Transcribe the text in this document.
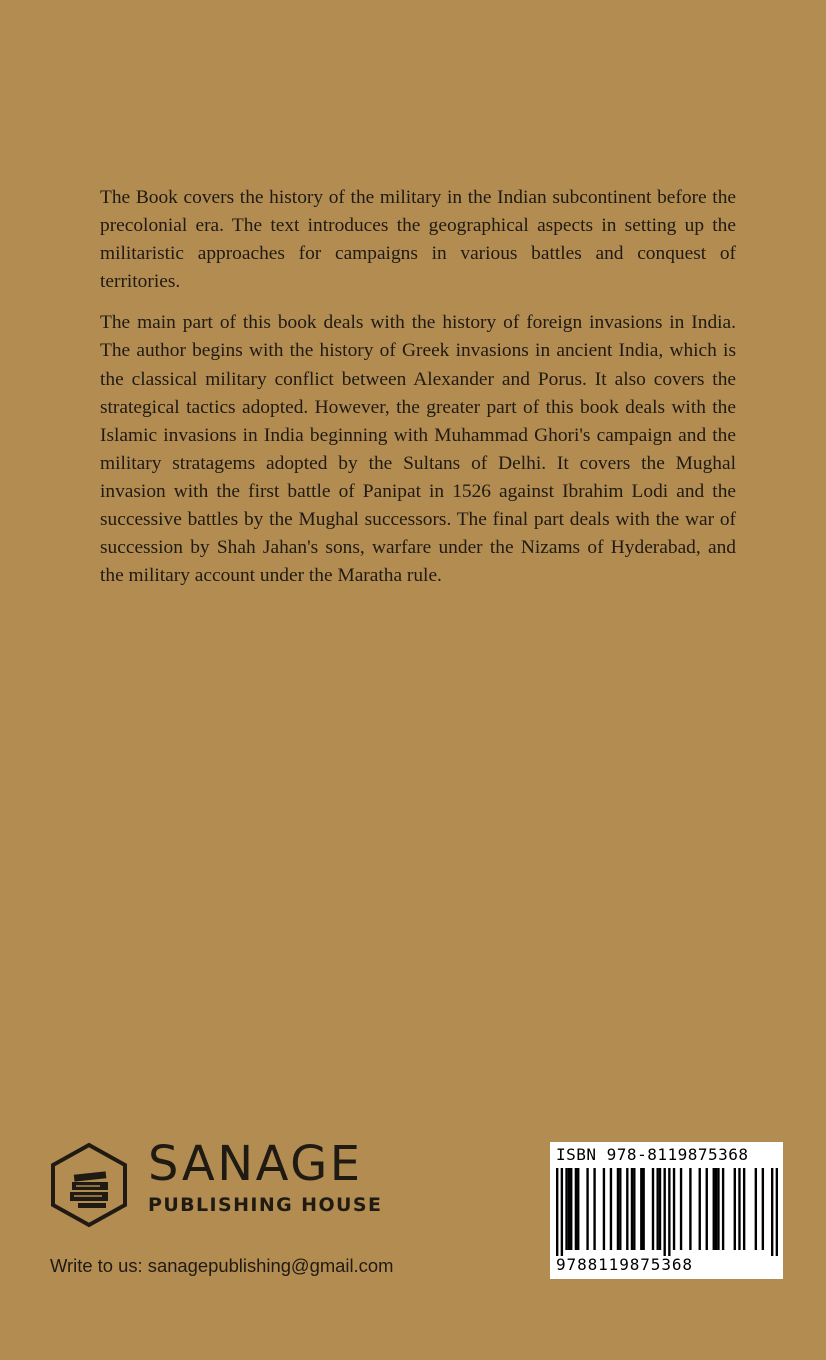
The Book covers the history of the military in the Indian subcontinent before the precolonial era. The text introduces the geographical aspects in setting up the militaristic approaches for campaigns in various battles and conquest of territories.

The main part of this book deals with the history of foreign invasions in India. The author begins with the history of Greek invasions in ancient India, which is the classical military conflict between Alexander and Porus. It also covers the strategical tactics adopted. However, the greater part of this book deals with the Islamic invasions in India beginning with Muhammad Ghori's campaign and the military stratagems adopted by the Sultans of Delhi. It covers the Mughal invasion with the first battle of Panipat in 1526 against Ibrahim Lodi and the successive battles by the Mughal successors. The final part deals with the war of succession by Shah Jahan's sons, warfare under the Nizams of Hyderabad, and the military account under the Maratha rule.

SANAGE
PUBLISHING HOUSE
Write to us: sanagepublishing@gmail.com
ISBN 978-8119875368
9788119875368
